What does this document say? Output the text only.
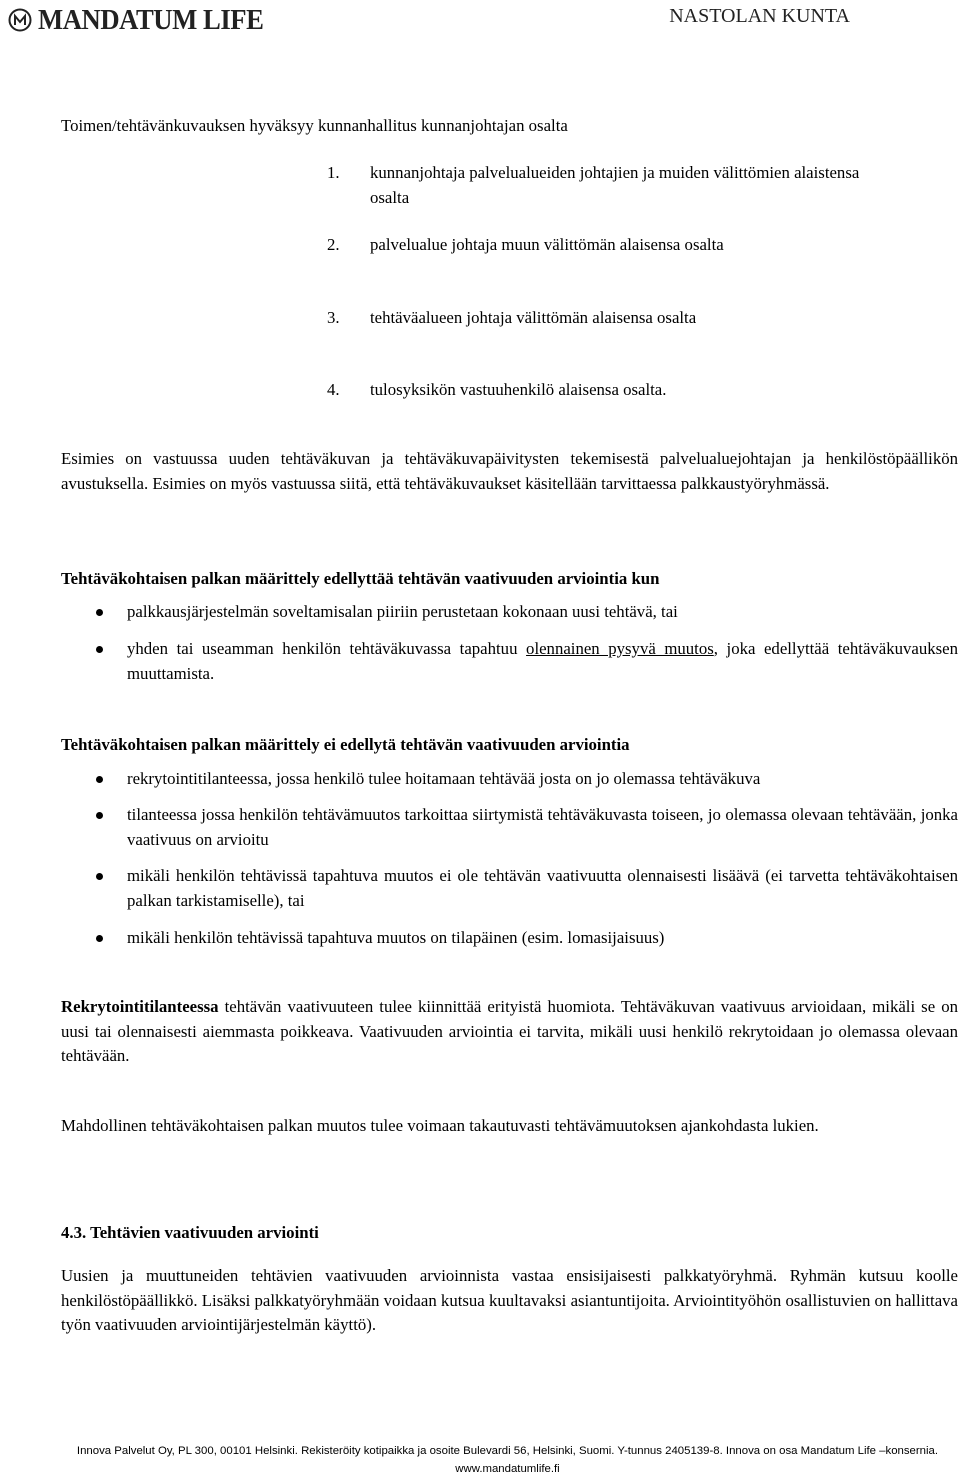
MANDATUM LIFE	NASTOLAN KUNTA
Toimen/tehtävänkuvauksen hyväksyy kunnanhallitus kunnanjohtajan osalta
1. kunnanjohtaja palvelualueiden johtajien ja muiden välittömien alaistensa osalta
2. palvelualue johtaja muun välittömän alaisensa osalta
3. tehtäväalueen johtaja välittömän alaisensa osalta
4. tulosyksikön vastuuhenkilö alaisensa osalta.
Esimies on vastuussa uuden tehtäväkuvan ja tehtäväkuvapäivitysten tekemisestä palvelualuejohtajan ja henkilöstöpäällikön avustuksella. Esimies on myös vastuussa siitä, että tehtäväkuvaukset käsitellään tarvittaessa palkkaustyöryhmässä.
Tehtäväkohtaisen palkan määrittely edellyttää tehtävän vaativuuden arviointia kun
palkkausjärjestelmän soveltamisalan piiriin perustetaan kokonaan uusi tehtävä, tai
yhden tai useamman henkilön tehtäväkuvassa tapahtuu olennainen pysyvä muutos, joka edellyttää tehtäväkuvauksen muuttamista.
Tehtäväkohtaisen palkan määrittely ei edellytä tehtävän vaativuuden arviointia
rekrytointitilanteessa, jossa henkilö tulee hoitamaan tehtävää josta on jo olemassa tehtäväkuva
tilanteessa jossa henkilön tehtävämuutos tarkoittaa siirtymistä tehtäväkuvasta toiseen, jo olemassa olevaan tehtävään, jonka vaativuus on arvioitu
mikäli henkilön tehtävissä tapahtuva muutos ei ole tehtävän vaativuutta olennaisesti lisäävä (ei tarvetta tehtäväkohtaisen palkan tarkistamiselle), tai
mikäli henkilön tehtävissä tapahtuva muutos on tilapäinen (esim. lomasijaisuus)
Rekrytointitilanteessa tehtävän vaativuuteen tulee kiinnittää erityistä huomiota. Tehtäväkuvan vaativuus arvioidaan, mikäli se on uusi tai olennaisesti aiemmasta poikkeava. Vaativuuden arviointia ei tarvita, mikäli uusi henkilö rekrytoidaan jo olemassa olevaan tehtävään.
Mahdollinen tehtäväkohtaisen palkan muutos tulee voimaan takautuvasti tehtävämuutoksen ajankohdasta lukien.
4.3. Tehtävien vaativuuden arviointi
Uusien ja muuttuneiden tehtävien vaativuuden arvioinnista vastaa ensisijaisesti palkkatyöryhmä. Ryhmän kutsuu koolle henkilöstöpäällikkö. Lisäksi palkkatyöryhmään voidaan kutsua kuultavaksi asiantuntijoita. Arviointityöhön osallistuvien on hallittava työn vaativuuden arviointijärjestelmän käyttö).
Innova Palvelut Oy, PL 300, 00101 Helsinki. Rekisteröity kotipaikka ja osoite Bulevardi 56, Helsinki, Suomi. Y-tunnus 2405139-8. Innova on osa Mandatum Life –konsernia.
www.mandatumlife.fi
